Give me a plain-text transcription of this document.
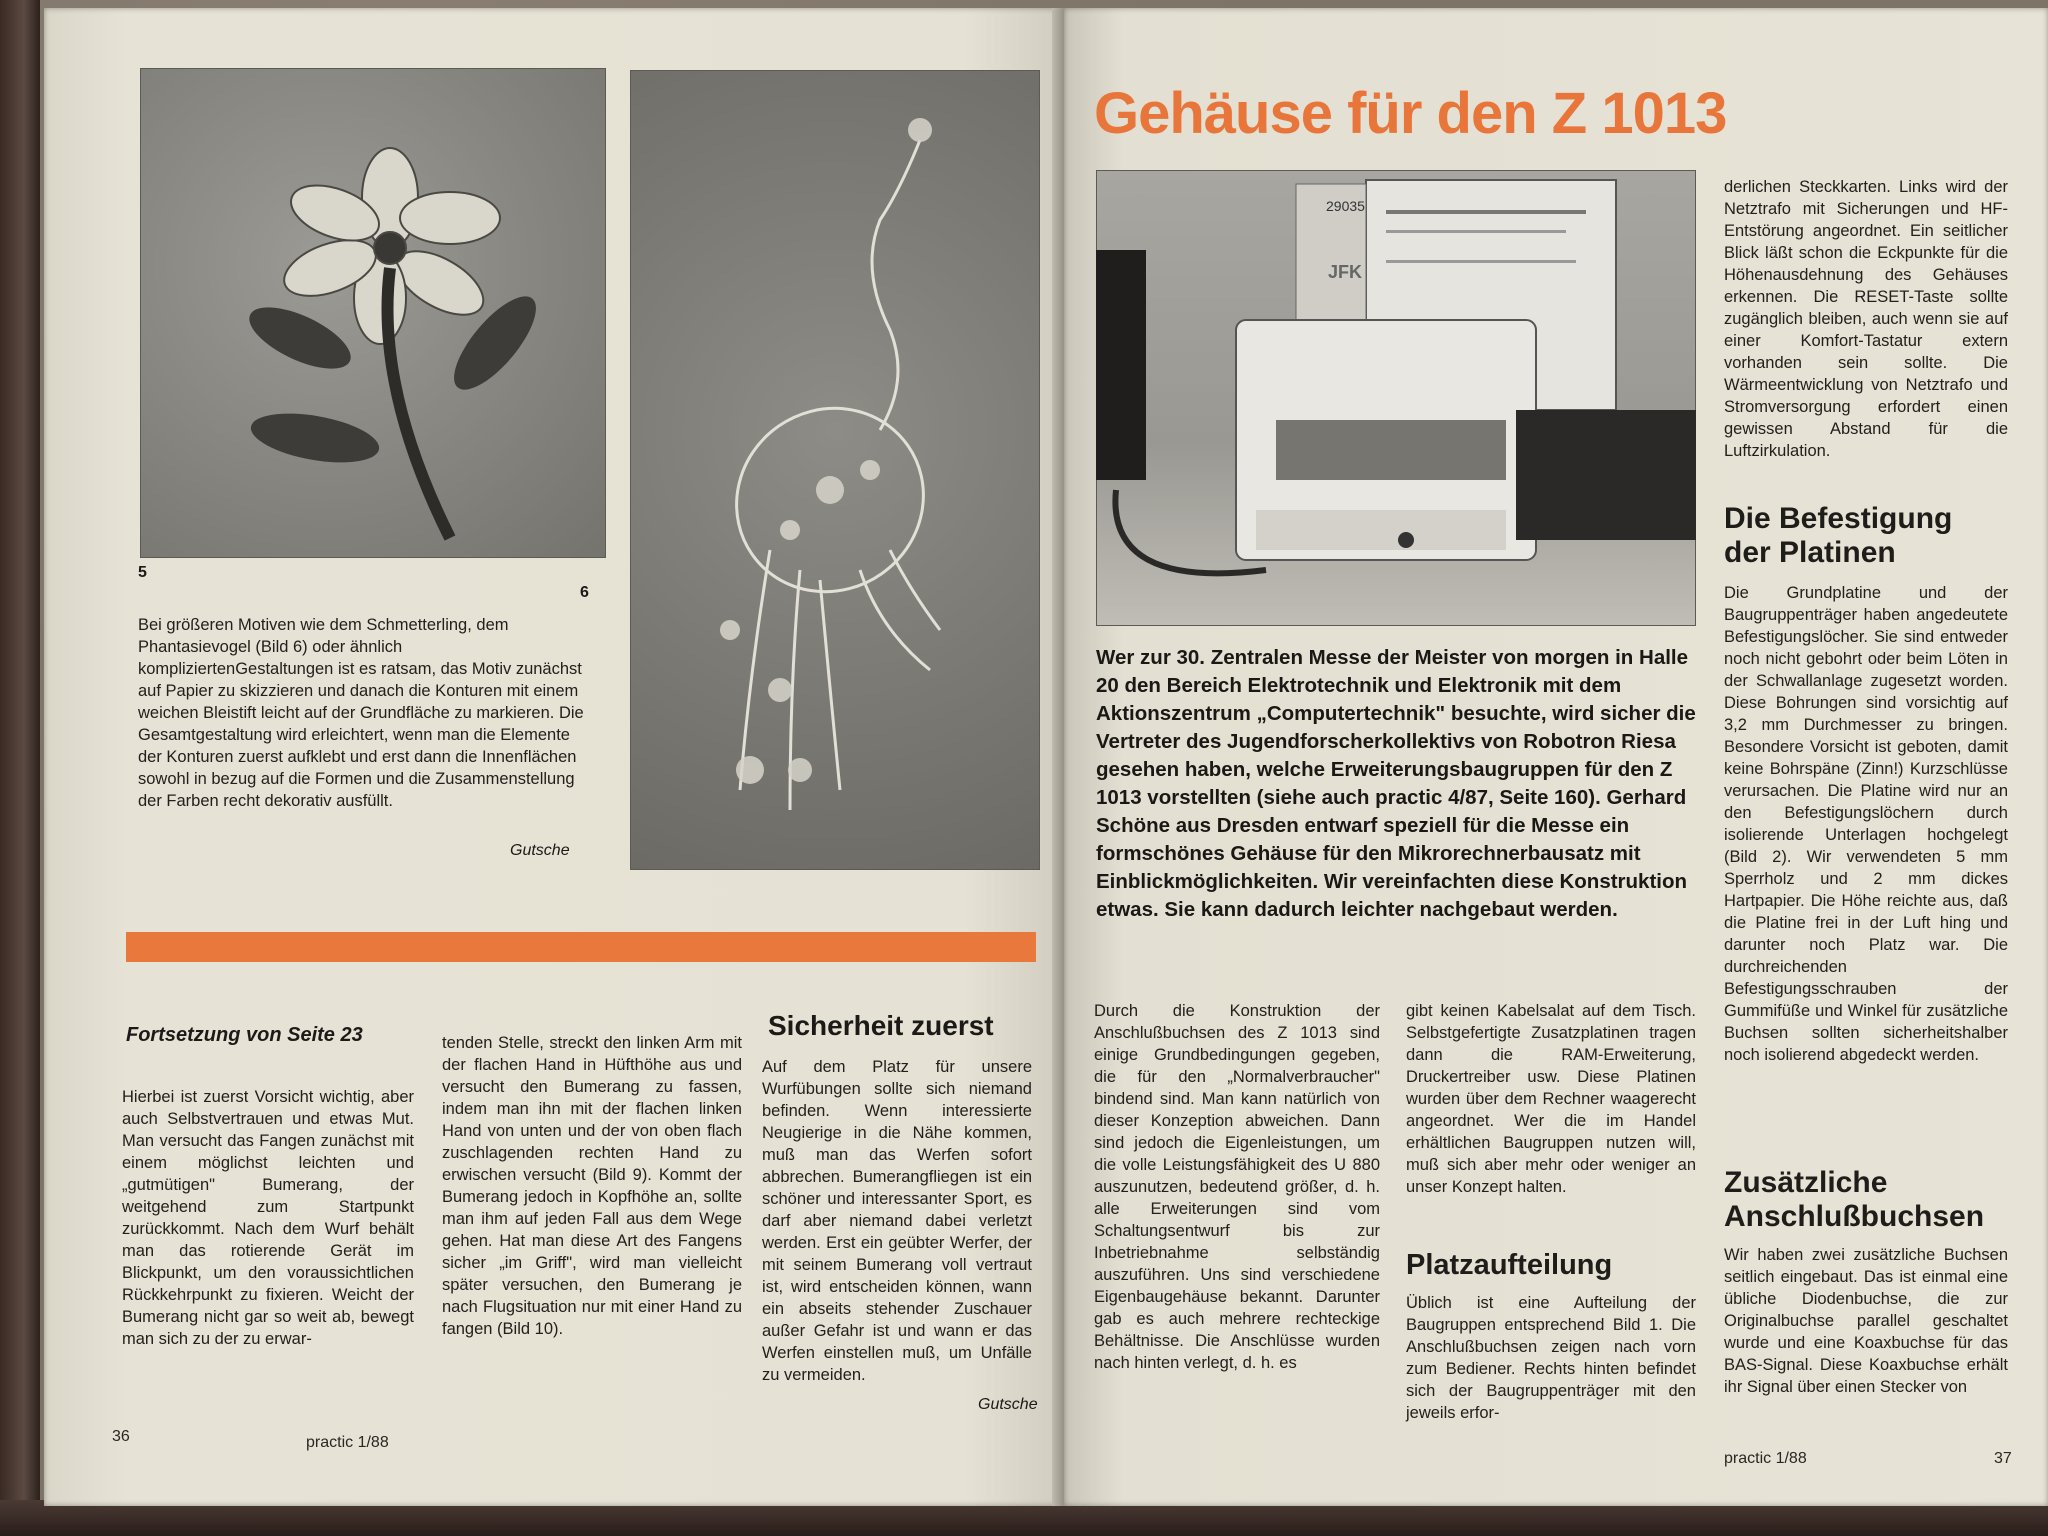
5
6
Bei größeren Motiven wie dem Schmetterling, dem Phantasievogel (Bild 6) oder ähnlich kompliziertenGestaltungen ist es ratsam, das Motiv zunächst auf Papier zu skizzieren und danach die Konturen mit einem weichen Bleistift leicht auf der Grundfläche zu markieren. Die Gesamtgestaltung wird erleichtert, wenn man die Elemente der Konturen zuerst aufklebt und erst dann die Innenflächen sowohl in bezug auf die Formen und die Zusammenstellung der Farben recht dekorativ ausfüllt.
Gutsche
Fortsetzung von Seite 23
Hierbei ist zuerst Vorsicht wichtig, aber auch Selbstvertrauen und etwas Mut. Man versucht das Fangen zunächst mit einem möglichst leichten und „gutmütigen" Bumerang, der weitgehend zum Startpunkt zurückkommt. Nach dem Wurf behält man das rotierende Gerät im Blickpunkt, um den voraussichtlichen Rückkehrpunkt zu fixieren. Weicht der Bumerang nicht gar so weit ab, bewegt man sich zu der zu erwar-
tenden Stelle, streckt den linken Arm mit der flachen Hand in Hüfthöhe aus und versucht den Bumerang zu fassen, indem man ihn mit der flachen linken Hand von unten und der von oben flach zuschlagenden rechten Hand zu erwischen versucht (Bild 9). Kommt der Bumerang jedoch in Kopfhöhe an, sollte man ihm auf jeden Fall aus dem Wege gehen. Hat man diese Art des Fangens sicher „im Griff", wird man vielleicht später versuchen, den Bumerang je nach Flugsituation nur mit einer Hand zu fangen (Bild 10).
Sicherheit zuerst
Auf dem Platz für unsere Wurfübungen sollte sich niemand befinden. Wenn interessierte Neugierige in die Nähe kommen, muß man das Werfen sofort abbrechen. Bumerangfliegen ist ein schöner und interessanter Sport, es darf aber niemand dabei verletzt werden. Erst ein geübter Werfer, der mit seinem Bumerang voll vertraut ist, wird entscheiden können, wann ein abseits stehender Zuschauer außer Gefahr ist und wann er das Werfen einstellen muß, um Unfälle zu vermeiden.
Gutsche
36	practic 1/88
Gehäuse für den Z 1013
29035
JFK
Wer zur 30. Zentralen Messe der Meister von morgen in Halle 20 den Bereich Elektrotechnik und Elektronik mit dem Aktionszentrum „Computertechnik" besuchte, wird sicher die Vertreter des Jugendforscherkollektivs von Robotron Riesa gesehen haben, welche Erweiterungsbaugruppen für den Z 1013 vorstellten (siehe auch practic 4/87, Seite 160). Gerhard Schöne aus Dresden entwarf speziell für die Messe ein formschönes Gehäuse für den Mikrorechnerbausatz mit Einblickmöglichkeiten. Wir vereinfachten diese Konstruktion etwas. Sie kann dadurch leichter nachgebaut werden.
Durch die Konstruktion der Anschlußbuchsen des Z 1013 sind einige Grundbedingungen gegeben, die für den „Normalverbraucher" bindend sind. Man kann natürlich von dieser Konzeption abweichen. Dann sind jedoch die Eigenleistungen, um die volle Leistungsfähigkeit des U 880 auszunutzen, bedeutend größer, d. h. alle Erweiterungen sind vom Schaltungsentwurf bis zur Inbetriebnahme selbständig auszuführen. Uns sind verschiedene Eigenbaugehäuse bekannt. Darunter gab es auch mehrere rechteckige Behältnisse. Die Anschlüsse wurden nach hinten verlegt, d. h. es
gibt keinen Kabelsalat auf dem Tisch. Selbstgefertigte Zusatzplatinen tragen dann die RAM-Erweiterung, Druckertreiber usw. Diese Platinen wurden über dem Rechner waagerecht angeordnet. Wer die im Handel erhältlichen Baugruppen nutzen will, muß sich aber mehr oder weniger an unser Konzept halten.
Platzaufteilung
Üblich ist eine Aufteilung der Baugruppen entsprechend Bild 1. Die Anschlußbuchsen zeigen nach vorn zum Bediener. Rechts hinten befindet sich der Baugruppenträger mit den jeweils erfor-
derlichen Steckkarten. Links wird der Netztrafo mit Sicherungen und HF-Entstörung angeordnet. Ein seitlicher Blick läßt schon die Eckpunkte für die Höhenausdehnung des Gehäuses erkennen. Die RESET-Taste sollte zugänglich bleiben, auch wenn sie auf einer Komfort-Tastatur extern vorhanden sein sollte. Die Wärmeentwicklung von Netztrafo und Stromversorgung erfordert einen gewissen Abstand für die Luftzirkulation.
Die Befestigung der Platinen
Die Grundplatine und der Baugruppenträger haben angedeutete Befestigungslöcher. Sie sind entweder noch nicht gebohrt oder beim Löten in der Schwallanlage zugesetzt worden. Diese Bohrungen sind vorsichtig auf 3,2 mm Durchmesser zu bringen. Besondere Vorsicht ist geboten, damit keine Bohrspäne (Zinn!) Kurzschlüsse verursachen. Die Platine wird nur an den Befestigungslöchern durch isolierende Unterlagen hochgelegt (Bild 2). Wir verwendeten 5 mm Sperrholz und 2 mm dickes Hartpapier. Die Höhe reichte aus, daß die Platine frei in der Luft hing und darunter noch Platz war. Die durchreichenden Befestigungsschrauben der Gummifüße und Winkel für zusätzliche Buchsen sollten sicherheitshalber noch isolierend abgedeckt werden.
Zusätzliche Anschlußbuchsen
Wir haben zwei zusätzliche Buchsen seitlich eingebaut. Das ist einmal eine übliche Diodenbuchse, die zur Originalbuchse parallel geschaltet wurde und eine Koaxbuchse für das BAS-Signal. Diese Koaxbuchse erhält ihr Signal über einen Stecker von
practic 1/88	37
